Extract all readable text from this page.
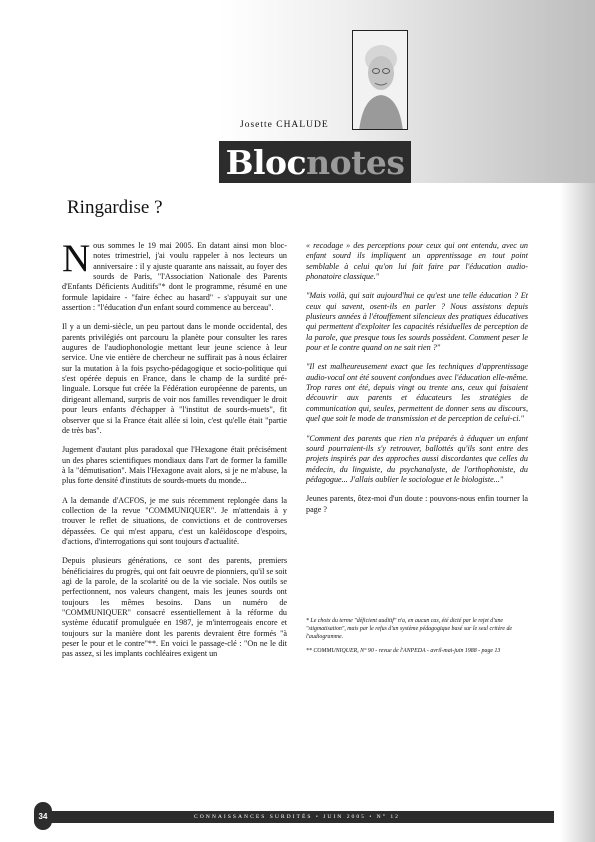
Josette CHALUDE
Bloc notes
Ringardise ?

Nous sommes le 19 mai 2005. En datant ainsi mon bloc-notes trimestriel, j'ai voulu rappeler à nos lecteurs un anniversaire : il y ajuste quarante ans naissait, au foyer des sourds de Paris, "l'Association Nationale des Parents d'Enfants Déficients Auditifs"* dont le programme, résumé en une formule lapidaire - "faire échec au hasard" - s'appuyait sur une assertion : "l'éducation d'un enfant sourd commence au berceau".

Il y a un demi-siècle, un peu partout dans le monde occidental, des parents privilégiés ont parcouru la planète pour consulter les rares augures de l'audiophonologie mettant leur jeune science à leur service. Une vie entière de chercheur ne suffirait pas à nous éclairer sur la mutation à la fois psycho-pédagogique et socio-politique qui s'est opérée depuis en France, dans le champ de la surdité pré-linguale. Lorsque fut créée la Fédération européenne de parents, un dirigeant allemand, surpris de voir nos familles revendiquer le droit pour leurs enfants d'échapper à "l'institut de sourds-muets", fit observer que si la France était allée si loin, c'est qu'elle était "partie de très bas".

Jugement d'autant plus paradoxal que l'Hexagone était précisément un des phares scientifiques mondiaux dans l'art de former la famille à la "démutisation". Mais l'Hexagone avait alors, si je ne m'abuse, la plus forte densité d'instituts de sourds-muets du monde...

A la demande d'ACFOS, je me suis récemment replongée dans la collection de la revue "COMMUNIQUER". Je m'attendais à y trouver le reflet de situations, de convictions et de controverses dépassées. Ce qui m'est apparu, c'est un kaléidoscope d'espoirs, d'actions, d'interrogations qui sont toujours d'actualité.

Depuis plusieurs générations, ce sont des parents, premiers bénéficiaires du progrès, qui ont fait oeuvre de pionniers, qu'il se soit agi de la parole, de la scolarité ou de la vie sociale. Nos outils se perfectionnent, nos valeurs changent, mais les jeunes sourds ont toujours les mêmes besoins. Dans un numéro de "COMMUNIQUER" consacré essentiellement à la réforme du système éducatif promulguée en 1987, je m'interrogeais encore et toujours sur la manière dont les parents devraient être formés "à peser le pour et le contre"**. En voici le passage-clé : "On ne le dit pas assez, si les implants cochléaires exigent un

« recodage » des perceptions pour ceux qui ont entendu, avec un enfant sourd ils impliquent un apprentissage en tout point semblable à celui qu'on lui fait faire par l'éducation audio-phonatoire classique."

"Mais voilà, qui sait aujourd'hui ce qu'est une telle éducation ? Et ceux qui savent, osent-ils en parler ? Nous assistons depuis plusieurs années à l'étouffement silencieux des pratiques éducatives qui permettent d'exploiter les capacités résiduelles de perception de la parole, que presque tous les sourds possèdent. Comment peser le pour et le contre quand on ne sait rien ?"

"Il est malheureusement exact que les techniques d'apprentissage audio-vocal ont été souvent confondues avec l'éducation elle-même. Trop rares ont été, depuis vingt ou trente ans, ceux qui faisaient découvrir aux parents et éducateurs les stratégies de communication qui, seules, permettent de donner sens au discours, quel que soit le mode de transmission et de perception de celui-ci."

"Comment des parents que rien n'a préparés à éduquer un enfant sourd pourraient-ils s'y retrouver, ballottés qu'ils sont entre des projets inspirés par des approches aussi discordantes que celles du médecin, du linguiste, du psychanalyste, de l'orthophoniste, du pédagogue... J'allais oublier le sociologue et le biologiste..."

Jeunes parents, ôtez-moi d'un doute : pouvons-nous enfin tourner la page ?

* Le choix du terme "déficient auditif" n'a, en aucun cas, été dicté par le rejet d'une "stigmatisation", mais par le refus d'un système pédagogique basé sur le seul critère de l'audiogramme.

** COMMUNIQUER, N° 90 - revue de l'ANPEDA - avril-mai-juin 1988 - page 13

CONNAISSANCES SURDITÉS • JUIN 2005 • N° 12
34
